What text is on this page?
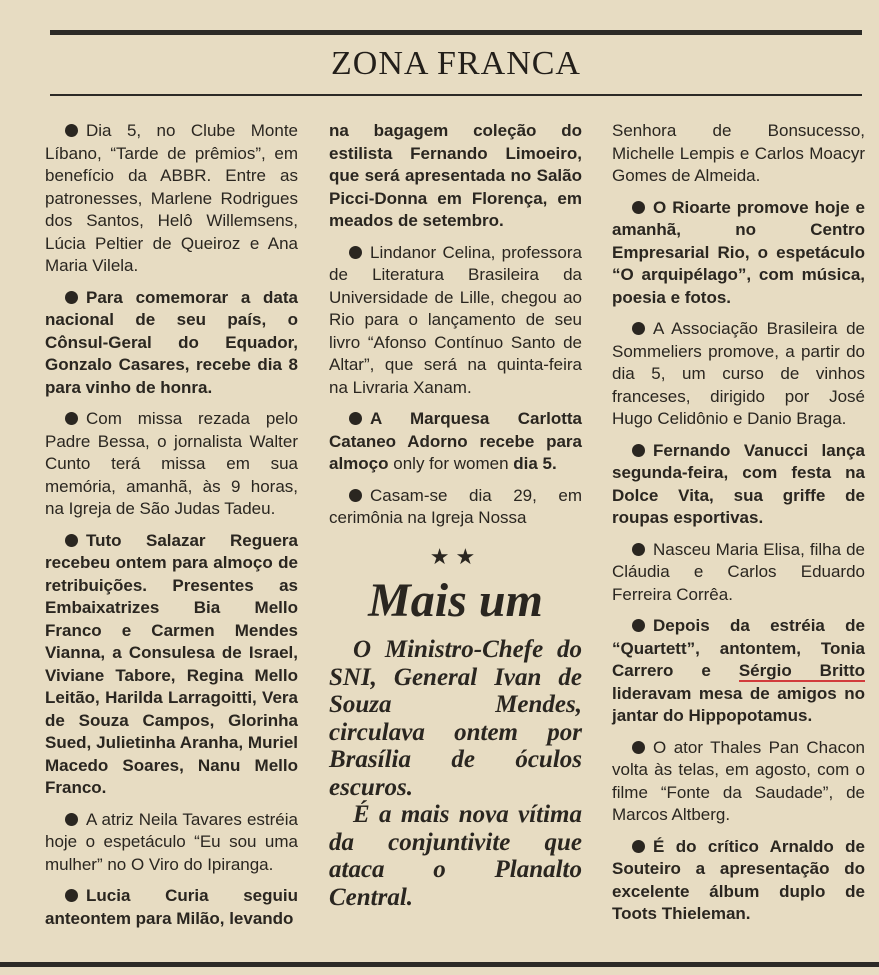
ZONA FRANCA

Dia 5, no Clube Monte Líbano, “Tarde de prêmios”, em benefício da ABBR. Entre as patronesses, Marlene Rodrigues dos Santos, Helô Willemsens, Lúcia Peltier de Queiroz e Ana Maria Vilela.

Para comemorar a data nacional de seu país, o Cônsul-Geral do Equador, Gonzalo Casares, recebe dia 8 para vinho de honra.

Com missa rezada pelo Padre Bessa, o jornalista Walter Cunto terá missa em sua memória, amanhã, às 9 horas, na Igreja de São Judas Tadeu.

Tuto Salazar Reguera recebeu ontem para almoço de retribuições. Presentes as Embaixatrizes Bia Mello Franco e Carmen Mendes Vianna, a Consulesa de Israel, Viviane Tabore, Regina Mello Leitão, Harilda Larragoitti, Vera de Souza Campos, Glorinha Sued, Julietinha Aranha, Muriel Macedo Soares, Nanu Mello Franco.

A atriz Neila Tavares estréia hoje o espetáculo “Eu sou uma mulher” no O Viro do Ipiranga.

Lucia Curia seguiu anteontem para Milão, levando

na bagagem coleção do estilista Fernando Limoeiro, que será apresentada no Salão Picci-Donna em Florença, em meados de setembro.

Lindanor Celina, professora de Literatura Brasileira da Universidade de Lille, chegou ao Rio para o lançamento de seu livro “Afonso Contínuo Santo de Altar”, que será na quinta-feira na Livraria Xanam.

A Marquesa Carlotta Cataneo Adorno recebe para almoço only for women dia 5.

Casam-se dia 29, em cerimônia na Igreja Nossa

★★
Mais um

O Ministro-Chefe do SNI, General Ivan de Souza Mendes, circulava ontem por Brasília de óculos escuros.

É a mais nova vítima da conjuntivite que ataca o Planalto Central.

Senhora de Bonsucesso, Michelle Lempis e Carlos Moacyr Gomes de Almeida.

O Rioarte promove hoje e amanhã, no Centro Empresarial Rio, o espetáculo “O arquipélago”, com música, poesia e fotos.

A Associação Brasileira de Sommeliers promove, a partir do dia 5, um curso de vinhos franceses, dirigido por José Hugo Celidônio e Danio Braga.

Fernando Vanucci lança segunda-feira, com festa na Dolce Vita, sua griffe de roupas esportivas.

Nasceu Maria Elisa, filha de Cláudia e Carlos Eduardo Ferreira Corrêa.

Depois da estréia de “Quartett”, antontem, Tonia Carrero e Sérgio Britto lideravam mesa de amigos no jantar do Hippopotamus.

O ator Thales Pan Chacon volta às telas, em agosto, com o filme “Fonte da Saudade”, de Marcos Altberg.

É do crítico Arnaldo de Souteiro a apresentação do excelente álbum duplo de Toots Thieleman.
